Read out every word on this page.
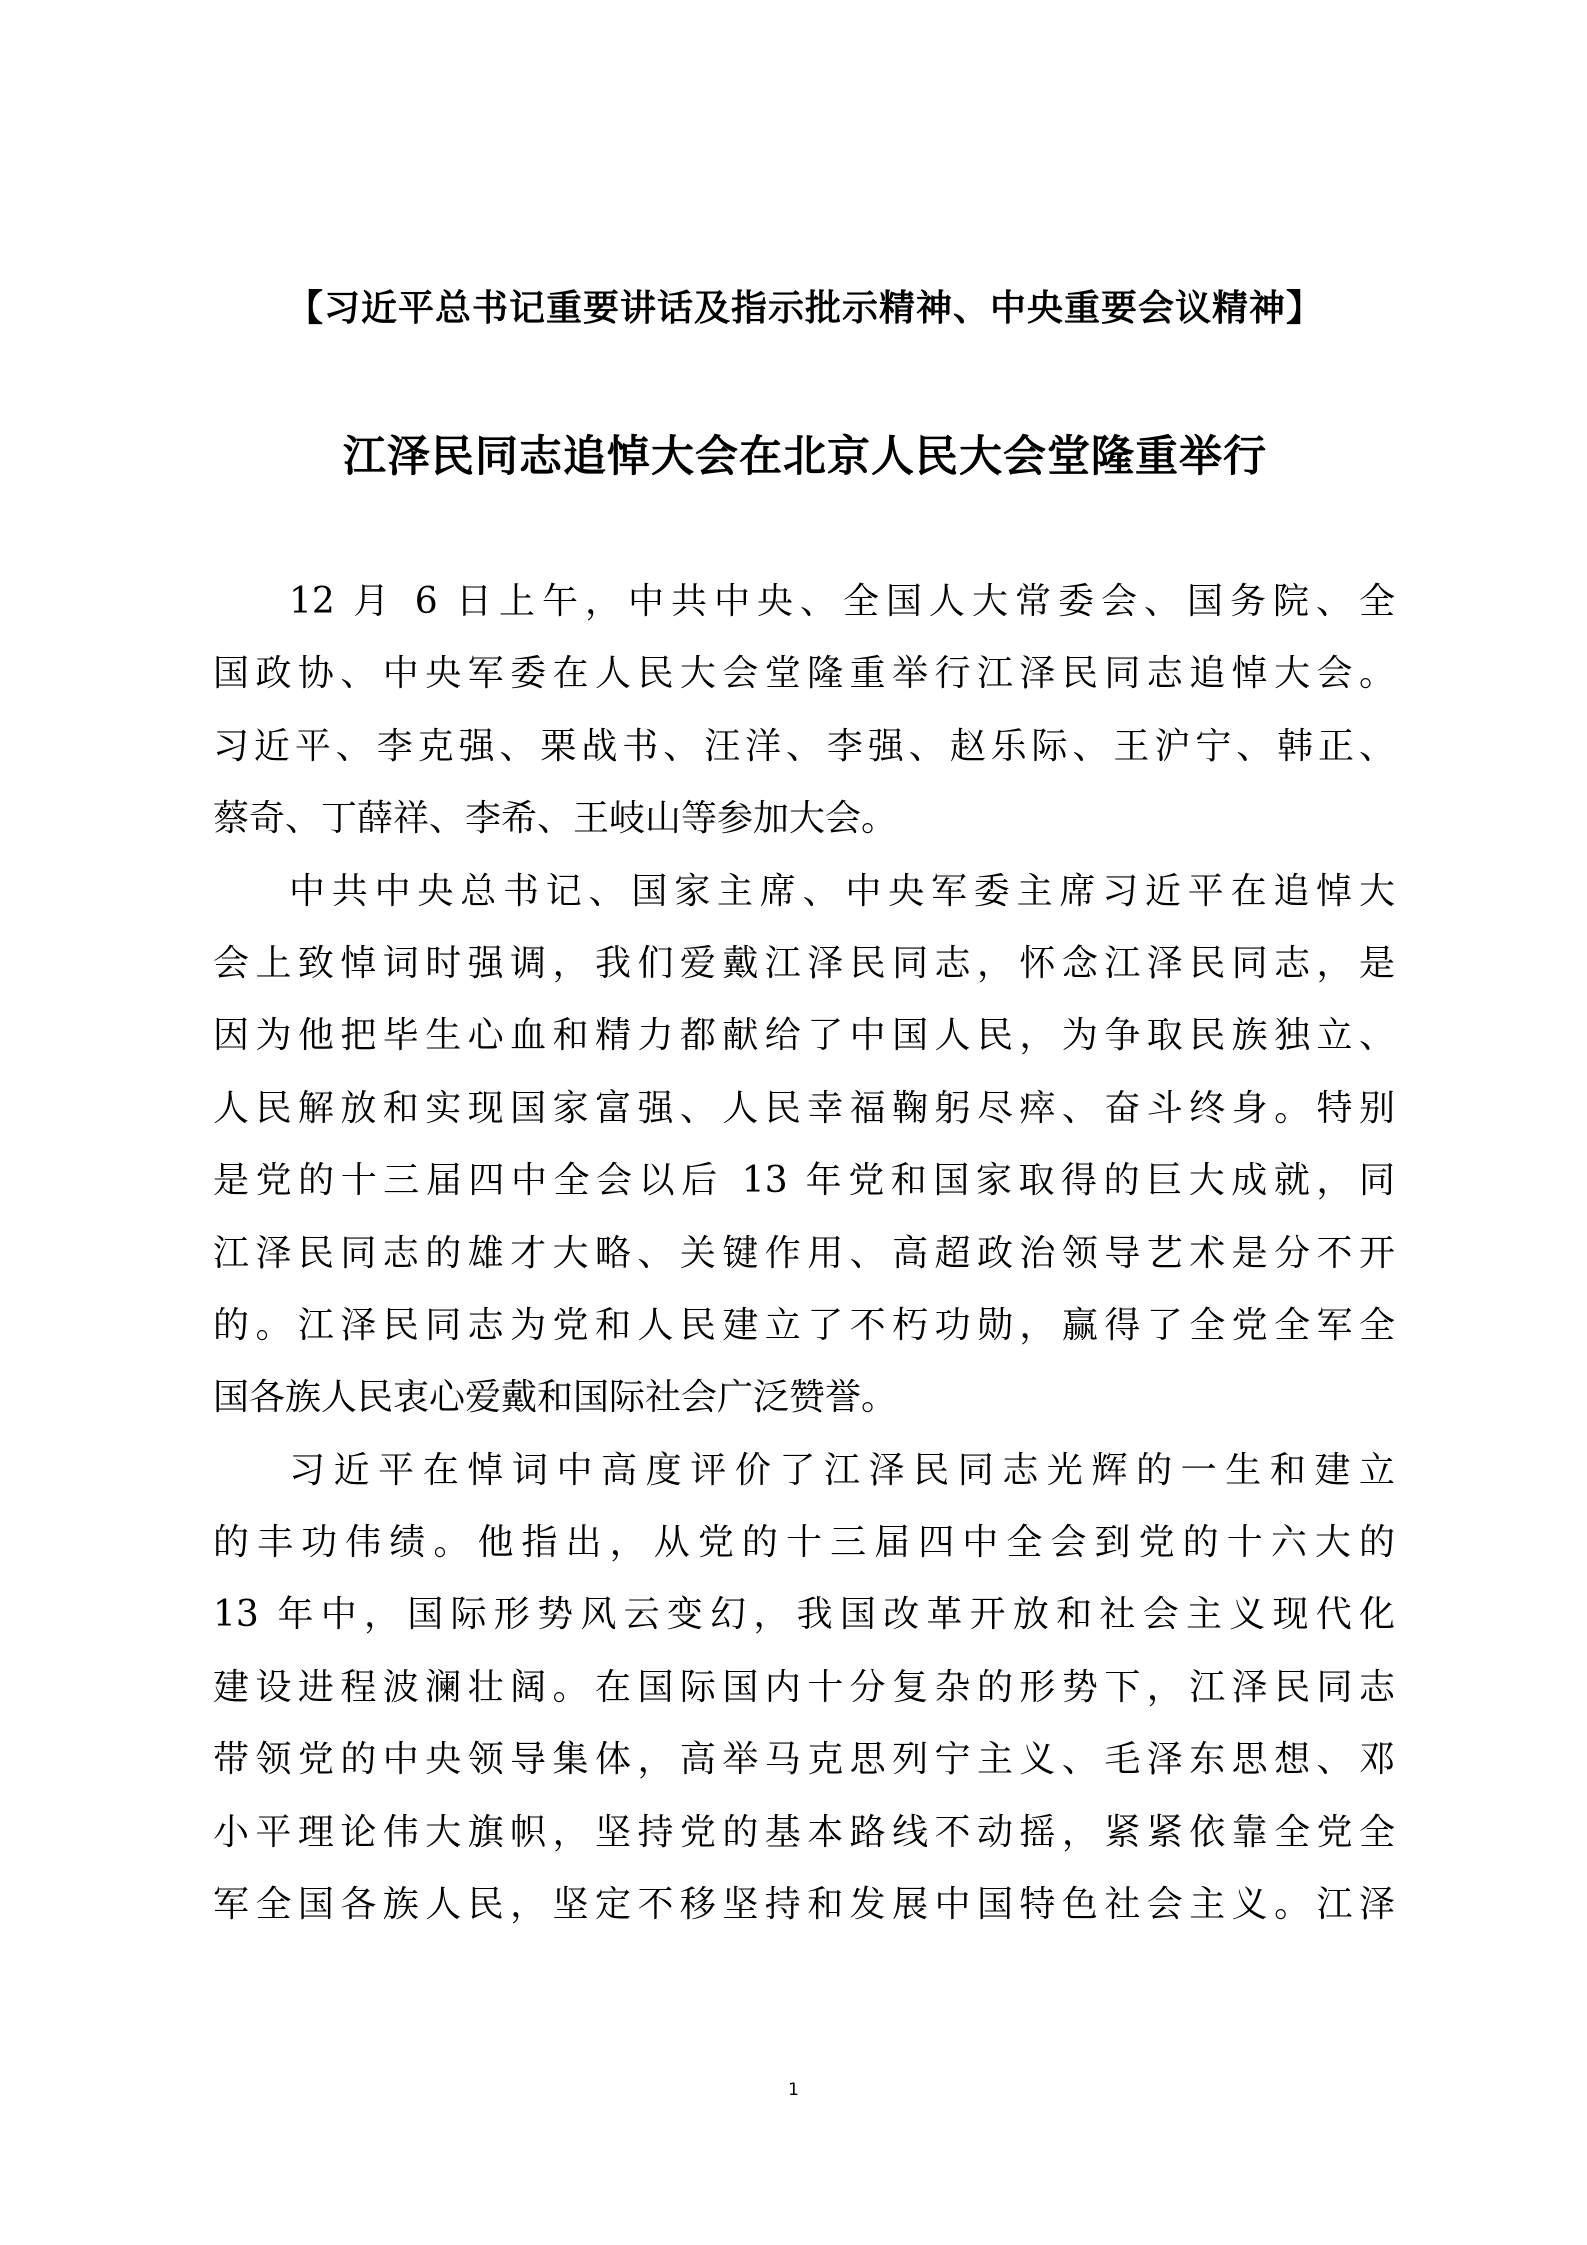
【习近平总书记重要讲话及指示批示精神、中央重要会议精神】
江泽民同志追悼大会在北京人民大会堂隆重举行
12 月 6 日上午，中共中央、全国人大常委会、国务院、全
国政协、中央军委在人民大会堂隆重举行江泽民同志追悼大会。
习近平、李克强、栗战书、汪洋、李强、赵乐际、王沪宁、韩正、
蔡奇、丁薛祥、李希、王岐山等参加大会。
中共中央总书记、国家主席、中央军委主席习近平在追悼大
会上致悼词时强调，我们爱戴江泽民同志，怀念江泽民同志，是
因为他把毕生心血和精力都献给了中国人民，为争取民族独立、
人民解放和实现国家富强、人民幸福鞠躬尽瘁、奋斗终身。特别
是党的十三届四中全会以后 13 年党和国家取得的巨大成就，同
江泽民同志的雄才大略、关键作用、高超政治领导艺术是分不开
的。江泽民同志为党和人民建立了不朽功勋，赢得了全党全军全
国各族人民衷心爱戴和国际社会广泛赞誉。
习近平在悼词中高度评价了江泽民同志光辉的一生和建立
的丰功伟绩。他指出，从党的十三届四中全会到党的十六大的
13 年中，国际形势风云变幻，我国改革开放和社会主义现代化
建设进程波澜壮阔。在国际国内十分复杂的形势下，江泽民同志
带领党的中央领导集体，高举马克思列宁主义、毛泽东思想、邓
小平理论伟大旗帜，坚持党的基本路线不动摇，紧紧依靠全党全
军全国各族人民，坚定不移坚持和发展中国特色社会主义。江泽
1
